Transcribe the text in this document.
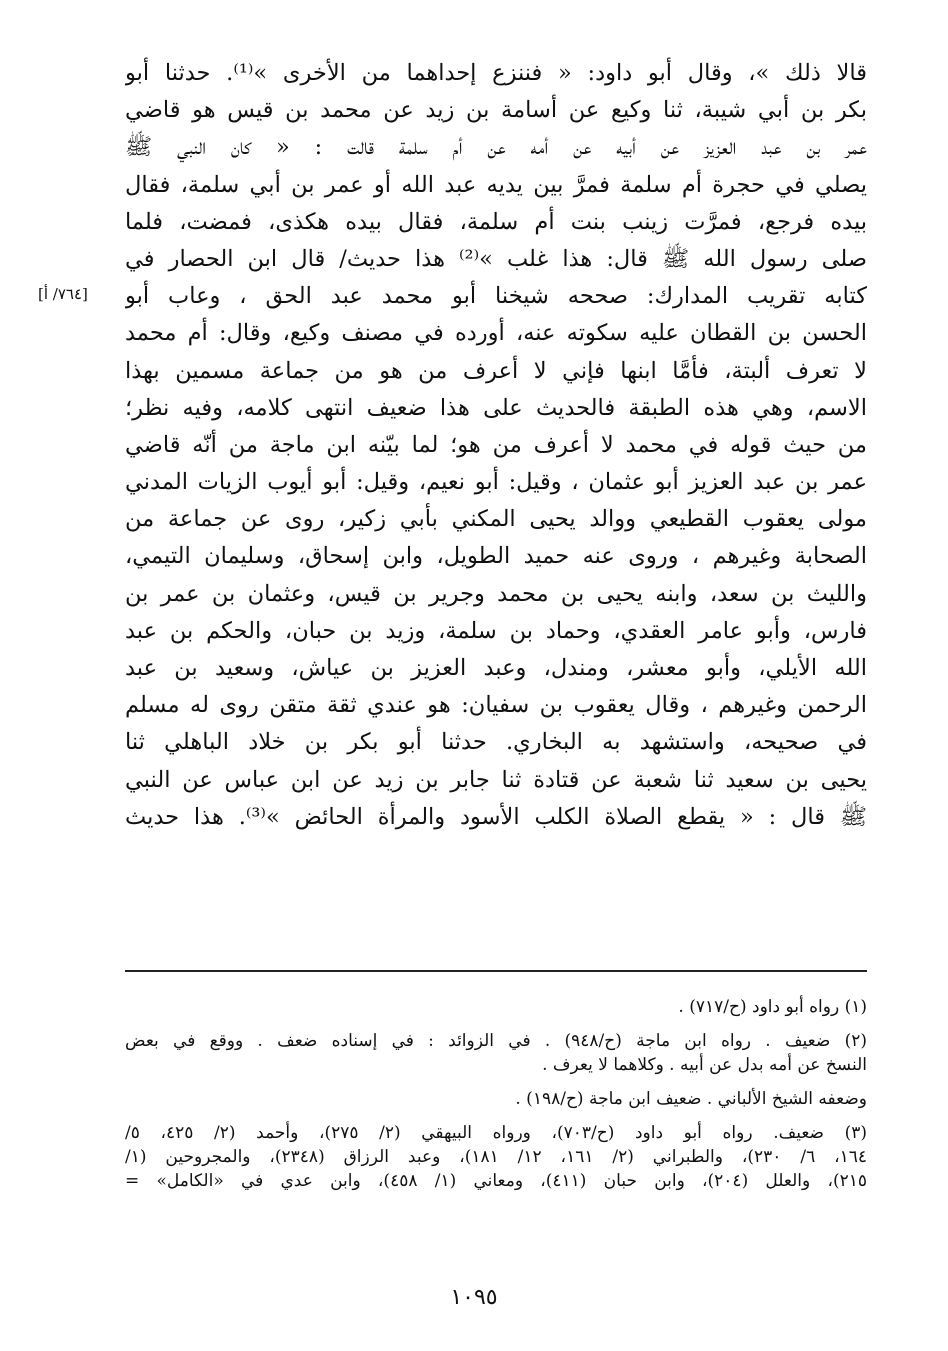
قالا ذلك »، وقال أبو داود: « فننزع إحداهما من الأخرى »⁽¹⁾. حدثنا أبو
بكر بن أبي شيبة، ثنا وكيع عن أسامة بن زيد عن محمد بن قيس هو قاضي
عمر بن عبد العزيز عن أبيه عن أمه عن أم سلمة قالت : « كان النبي ﷺ
يصلي في حجرة أم سلمة فمرَّ بين يديه عبد الله أو عمر بن أبي سلمة، فقال
بيده فرجع، فمرَّت زينب بنت أم سلمة، فقال بيده هكذى، فمضت، فلما
صلى رسول الله ﷺ قال: هذا غلب »⁽²⁾ هذا حديث/ قال ابن الحصار في
كتابه تقريب المدارك: صححه شيخنا أبو محمد عبد الحق ، وعاب أبو
الحسن بن القطان عليه سكوته عنه، أورده في مصنف وكيع، وقال: أم محمد
لا تعرف ألبتة، فأمَّا ابنها فإني لا أعرف من هو من جماعة مسمين بهذا
الاسم، وهي هذه الطبقة فالحديث على هذا ضعيف انتهى كلامه، وفيه نظر؛
من حيث قوله في محمد لا أعرف من هو؛ لما بيّنه ابن ماجة من أنّه قاضي
عمر بن عبد العزيز أبو عثمان ، وقيل: أبو نعيم، وقيل: أبو أيوب الزيات المدني
مولى يعقوب القطيعي ووالد يحيى المكني بأبي زكير، روى عن جماعة من
الصحابة وغيرهم ، وروى عنه حميد الطويل، وابن إسحاق، وسليمان التيمي،
والليث بن سعد، وابنه يحيى بن محمد وجرير بن قيس، وعثمان بن عمر بن
فارس، وأبو عامر العقدي، وحماد بن سلمة، وزيد بن حبان، والحكم بن عبد
الله الأيلي، وأبو معشر، ومندل، وعبد العزيز بن عياش، وسعيد بن عبد
الرحمن وغيرهم ، وقال يعقوب بن سفيان: هو عندي ثقة متقن روى له مسلم
في صحيحه، واستشهد به البخاري. حدثنا أبو بكر بن خلاد الباهلي ثنا
يحيى بن سعيد ثنا شعبة عن قتادة ثنا جابر بن زيد عن ابن عباس عن النبي
ﷺ قال : « يقطع الصلاة الكلب الأسود والمرأة الحائض »⁽³⁾. هذا حديث
[٧٦٤/ أ]
(١) رواه أبو داود (ح/٧١٧) .
(٢) ضعيف . رواه ابن ماجة (ح/٩٤٨) . في الزوائد : في إسناده ضعف . ووقع في بعض
النسخ عن أمه بدل عن أبيه . وكلاهما لا يعرف .
وضعفه الشيخ الألباني . ضعيف ابن ماجة (ح/١٩٨) .
(٣) ضعيف. رواه أبو داود (ح/٧٠٣)، ورواه البيهقي (٢/ ٢٧٥)، وأحمد (٢/ ٤٢٥، ٥/
١٦٤، ٦/ ٢٣٠)، والطبراني (٢/ ١٦١، ١٢/ ١٨١)، وعبد الرزاق (٢٣٤٨)، والمجروحين (١/
٢١٥)، والعلل (٢٠٤)، وابن حبان (٤١١)، ومعاني (١/ ٤٥٨)، وابن عدي في «الكامل» =
١٠٩٥
